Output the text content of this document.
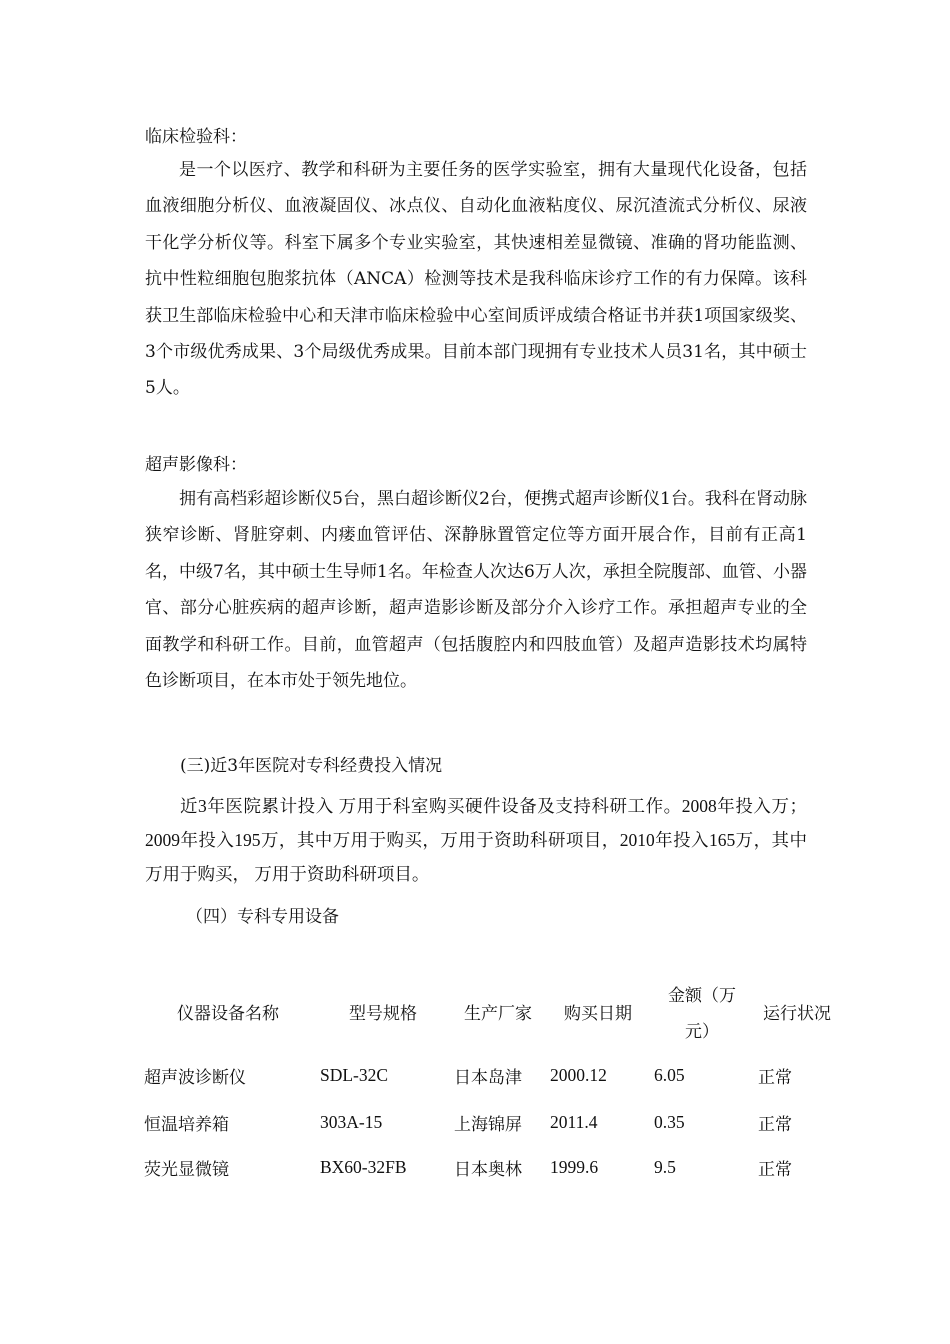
临床检验科：
是一个以医疗、教学和科研为主要任务的医学实验室，拥有大量现代化设备，包括血液细胞分析仪、血液凝固仪、冰点仪、自动化血液粘度仪、尿沉渣流式分析仪、尿液干化学分析仪等。科室下属多个专业实验室，其快速相差显微镜、准确的肾功能监测、抗中性粒细胞包胞浆抗体（ANCA）检测等技术是我科临床诊疗工作的有力保障。该科获卫生部临床检验中心和天津市临床检验中心室间质评成绩合格证书并获1项国家级奖、3个市级优秀成果、3个局级优秀成果。目前本部门现拥有专业技术人员31名，其中硕士5人。
超声影像科：
拥有高档彩超诊断仪5台，黑白超诊断仪2台，便携式超声诊断仪1台。我科在肾动脉狭窄诊断、肾脏穿刺、内瘘血管评估、深静脉置管定位等方面开展合作，目前有正高1名，中级7名，其中硕士生导师1名。年检查人次达6万人次，承担全院腹部、血管、小器官、部分心脏疾病的超声诊断，超声造影诊断及部分介入诊疗工作。承担超声专业的全面教学和科研工作。目前，血管超声（包括腹腔内和四肢血管）及超声造影技术均属特色诊断项目，在本市处于领先地位。
(三)近3年医院对专科经费投入情况
近3年医院累计投入 万用于科室购买硬件设备及支持科研工作。2008年投入万；2009年投入195万，其中万用于购买，万用于资助科研项目，2010年投入165万，其中万用于购买， 万用于资助科研项目。
（四）专科专用设备
仪器设备名称	型号规格	生产厂家	购买日期	金额（万元）	运行状况
超声波诊断仪	SDL-32C	日本岛津	2000.12	6.05	正常
恒温培养箱	303A-15	上海锦屏	2011.4	0.35	正常
荧光显微镜	BX60-32FB	日本奥林	1999.6	9.5	正常
